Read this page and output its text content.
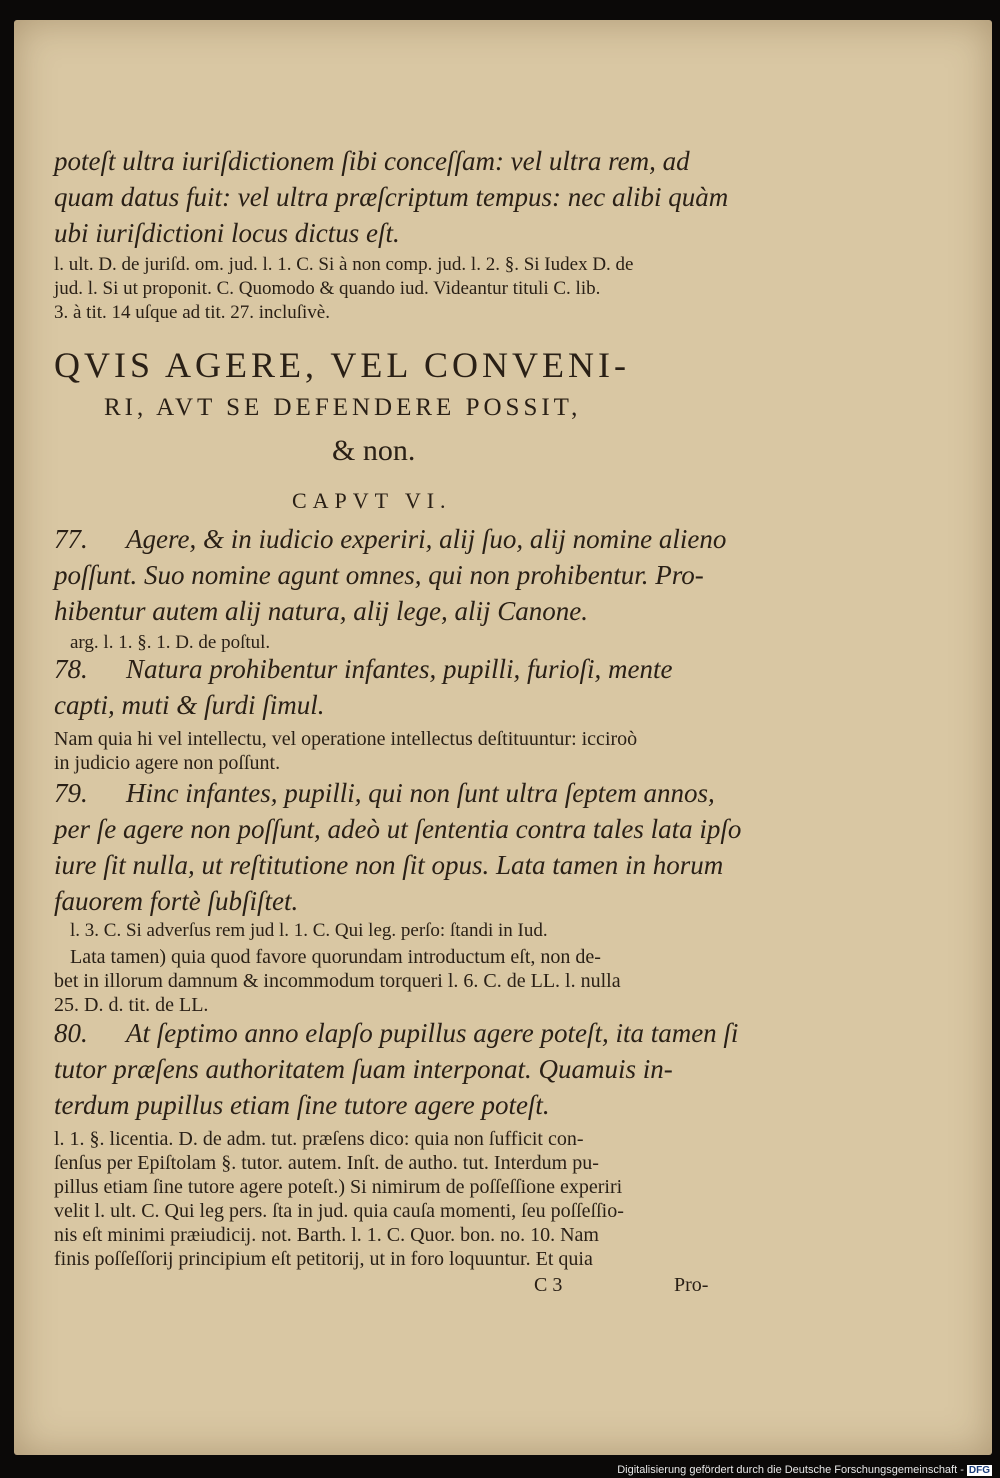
poteſt ultra iuriſdictionem ſibi conceſſam: vel ultra rem, ad
quam datus fuit: vel ultra præſcriptum tempus: nec alibi quàm
ubi iuriſdictioni locus dictus eſt.
l. ult. D. de juriſd. om. jud. l. 1. C. Si à non comp. jud. l. 2. §. Si Iudex D. de
jud. l. Si ut proponit. C. Quomodo & quando iud. Videantur tituli C. lib.
3. à tit. 14 uſque ad tit. 27. incluſivè.
QVIS AGERE, VEL CONVENI-
RI, AVT SE DEFENDERE POSSIT,
& non.
CAPVT VI.
77. Agere, & in iudicio experiri, alij ſuo, alij nomine alieno
poſſunt. Suo nomine agunt omnes, qui non prohibentur. Pro-
hibentur autem alij natura, alij lege, alij Canone.
arg. l. 1. §. 1. D. de poſtul.
78. Natura prohibentur infantes, pupilli, furioſi, mente
capti, muti & ſurdi ſimul.
Nam quia hi vel intellectu, vel operatione intellectus deſtituuntur: icciroò
in judicio agere non poſſunt.
79. Hinc infantes, pupilli, qui non ſunt ultra ſeptem annos,
per ſe agere non poſſunt, adeò ut ſententia contra tales lata ipſo
iure ſit nulla, ut reſtitutione non ſit opus. Lata tamen in horum
fauorem fortè ſubſiſtet.
l. 3. C. Si adverſus rem jud l. 1. C. Qui leg. perſo: ſtandi in Iud.
Lata tamen) quia quod favore quorundam introductum eſt, non de-
bet in illorum damnum & incommodum torqueri l. 6. C. de LL. l. nulla
25. D. d. tit. de LL.
80. At ſeptimo anno elapſo pupillus agere poteſt, ita tamen ſi
tutor præſens authoritatem ſuam interponat. Quamuis in-
terdum pupillus etiam ſine tutore agere poteſt.
l. 1. §. licentia. D. de adm. tut. præſens dico: quia non ſufficit con-
ſenſus per Epiſtolam §. tutor. autem. Inſt. de autho. tut. Interdum pu-
pillus etiam ſine tutore agere poteſt.) Si nimirum de poſſeſſione experiri
velit l. ult. C. Qui leg pers. ſta in jud. quia cauſa momenti, ſeu poſſeſſio-
nis eſt minimi præiudicij. not. Barth. l. 1. C. Quor. bon. no. 10. Nam
finis poſſeſſorij principium eſt petitorij, ut in foro loquuntur. Et quia
C 3	Pro-
Digitalisierung gefördert durch die Deutsche Forschungsgemeinschaft - DFG
